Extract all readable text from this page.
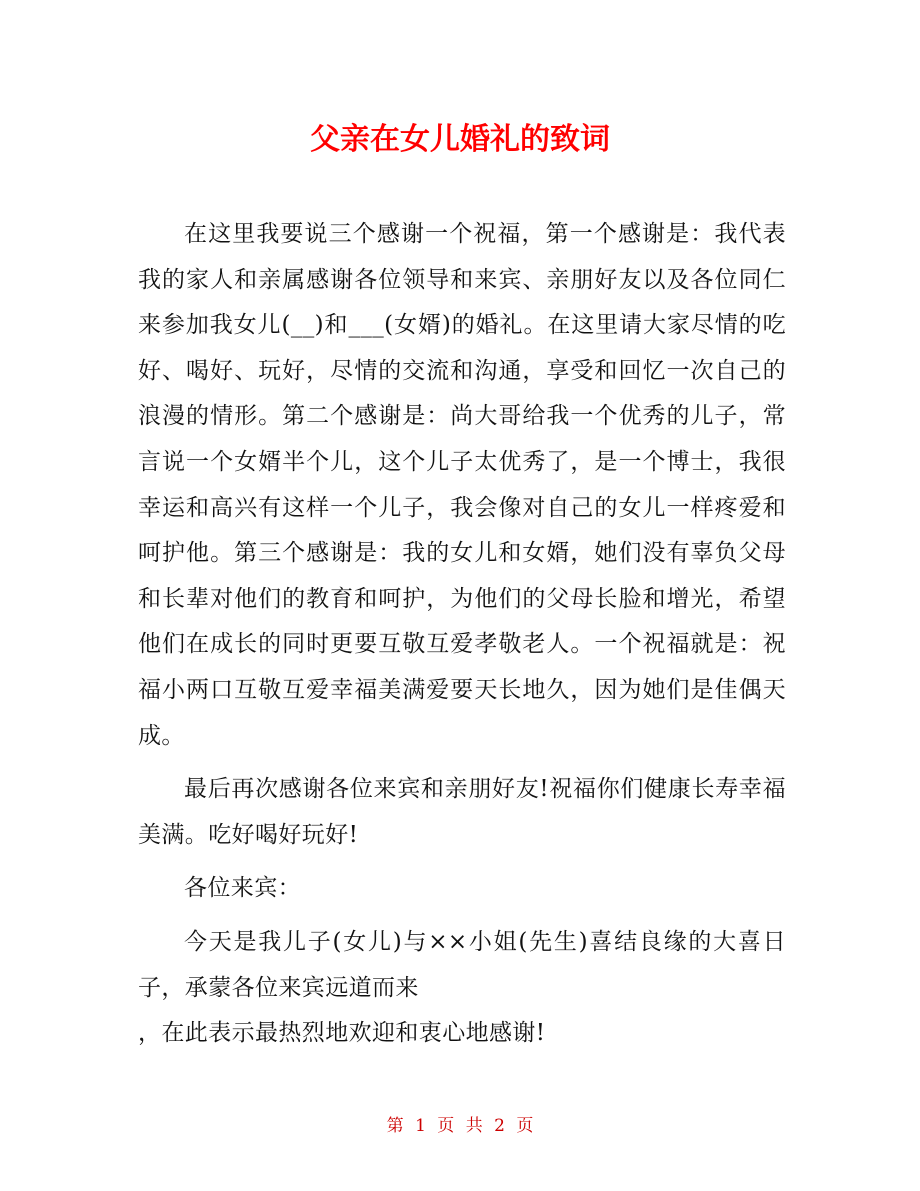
父亲在女儿婚礼的致词

在这里我要说三个感谢一个祝福，第一个感谢是：我代表我的家人和亲属感谢各位领导和来宾、亲朋好友以及各位同仁来参加我女儿(__)和___(女婿)的婚礼。在这里请大家尽情的吃好、喝好、玩好，尽情的交流和沟通，享受和回忆一次自己的浪漫的情形。第二个感谢是：尚大哥给我一个优秀的儿子，常言说一个女婿半个儿，这个儿子太优秀了，是一个博士，我很幸运和高兴有这样一个儿子，我会像对自己的女儿一样疼爱和呵护他。第三个感谢是：我的女儿和女婿，她们没有辜负父母和长辈对他们的教育和呵护，为他们的父母长脸和增光，希望他们在成长的同时更要互敬互爱孝敬老人。一个祝福就是：祝福小两口互敬互爱幸福美满爱要天长地久，因为她们是佳偶天成。

最后再次感谢各位来宾和亲朋好友!祝福你们健康长寿幸福美满。吃好喝好玩好!

各位来宾：

今天是我儿子(女儿)与××小姐(先生)喜结良缘的大喜日子，承蒙各位来宾远道而来

，在此表示最热烈地欢迎和衷心地感谢!

第 1 页 共 2 页
